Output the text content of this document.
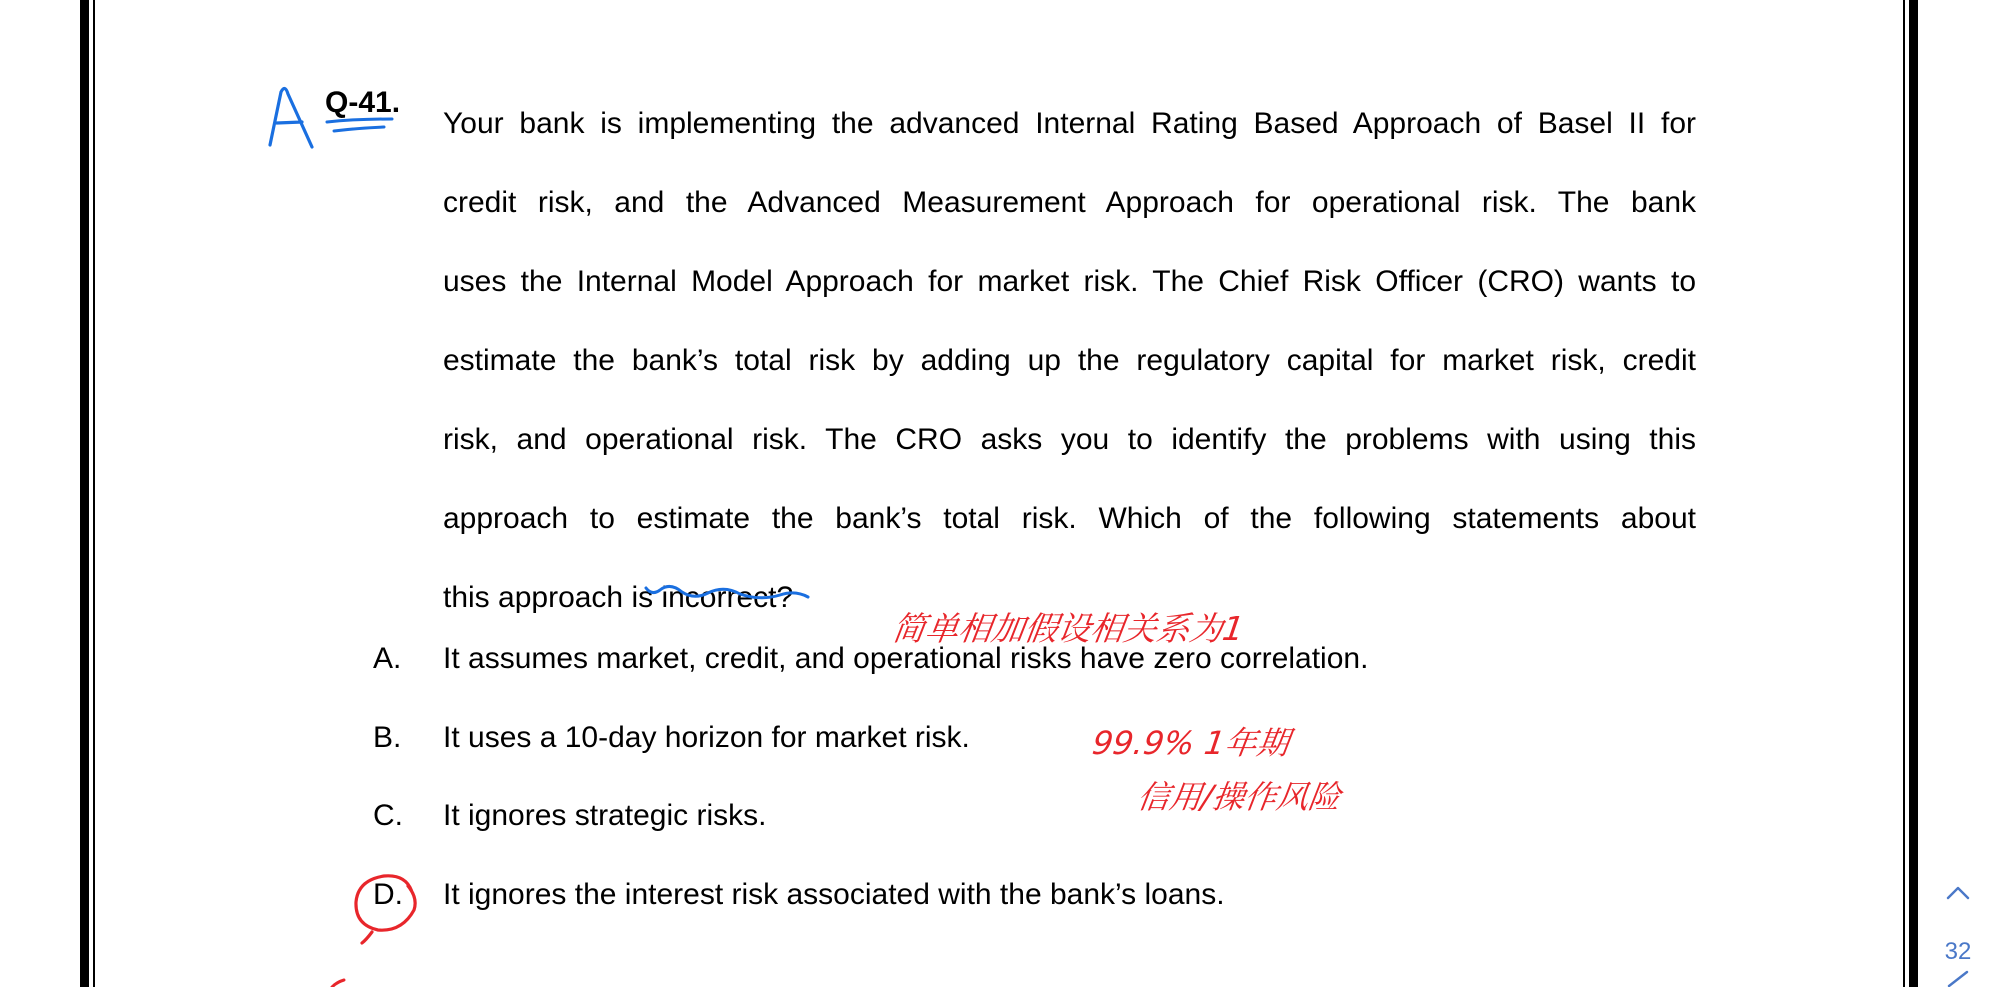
Q-41.
Your bank is implementing the advanced Internal Rating Based Approach of Basel II for
credit risk, and the Advanced Measurement Approach for operational risk. The bank
uses the Internal Model Approach for market risk. The Chief Risk Officer (CRO) wants to
estimate the bank’s total risk by adding up the regulatory capital for market risk, credit
risk, and operational risk. The CRO asks you to identify the problems with using this
approach to estimate the bank’s total risk. Which of the following statements about
this approach is incorrect?
A. It assumes market, credit, and operational risks have zero correlation.
B. It uses a 10-day horizon for market risk.
C. It ignores strategic risks.
D. It ignores the interest risk associated with the bank’s loans.
简单相加假设相关系为1
99.9% 1年期
信用/操作风险
32
